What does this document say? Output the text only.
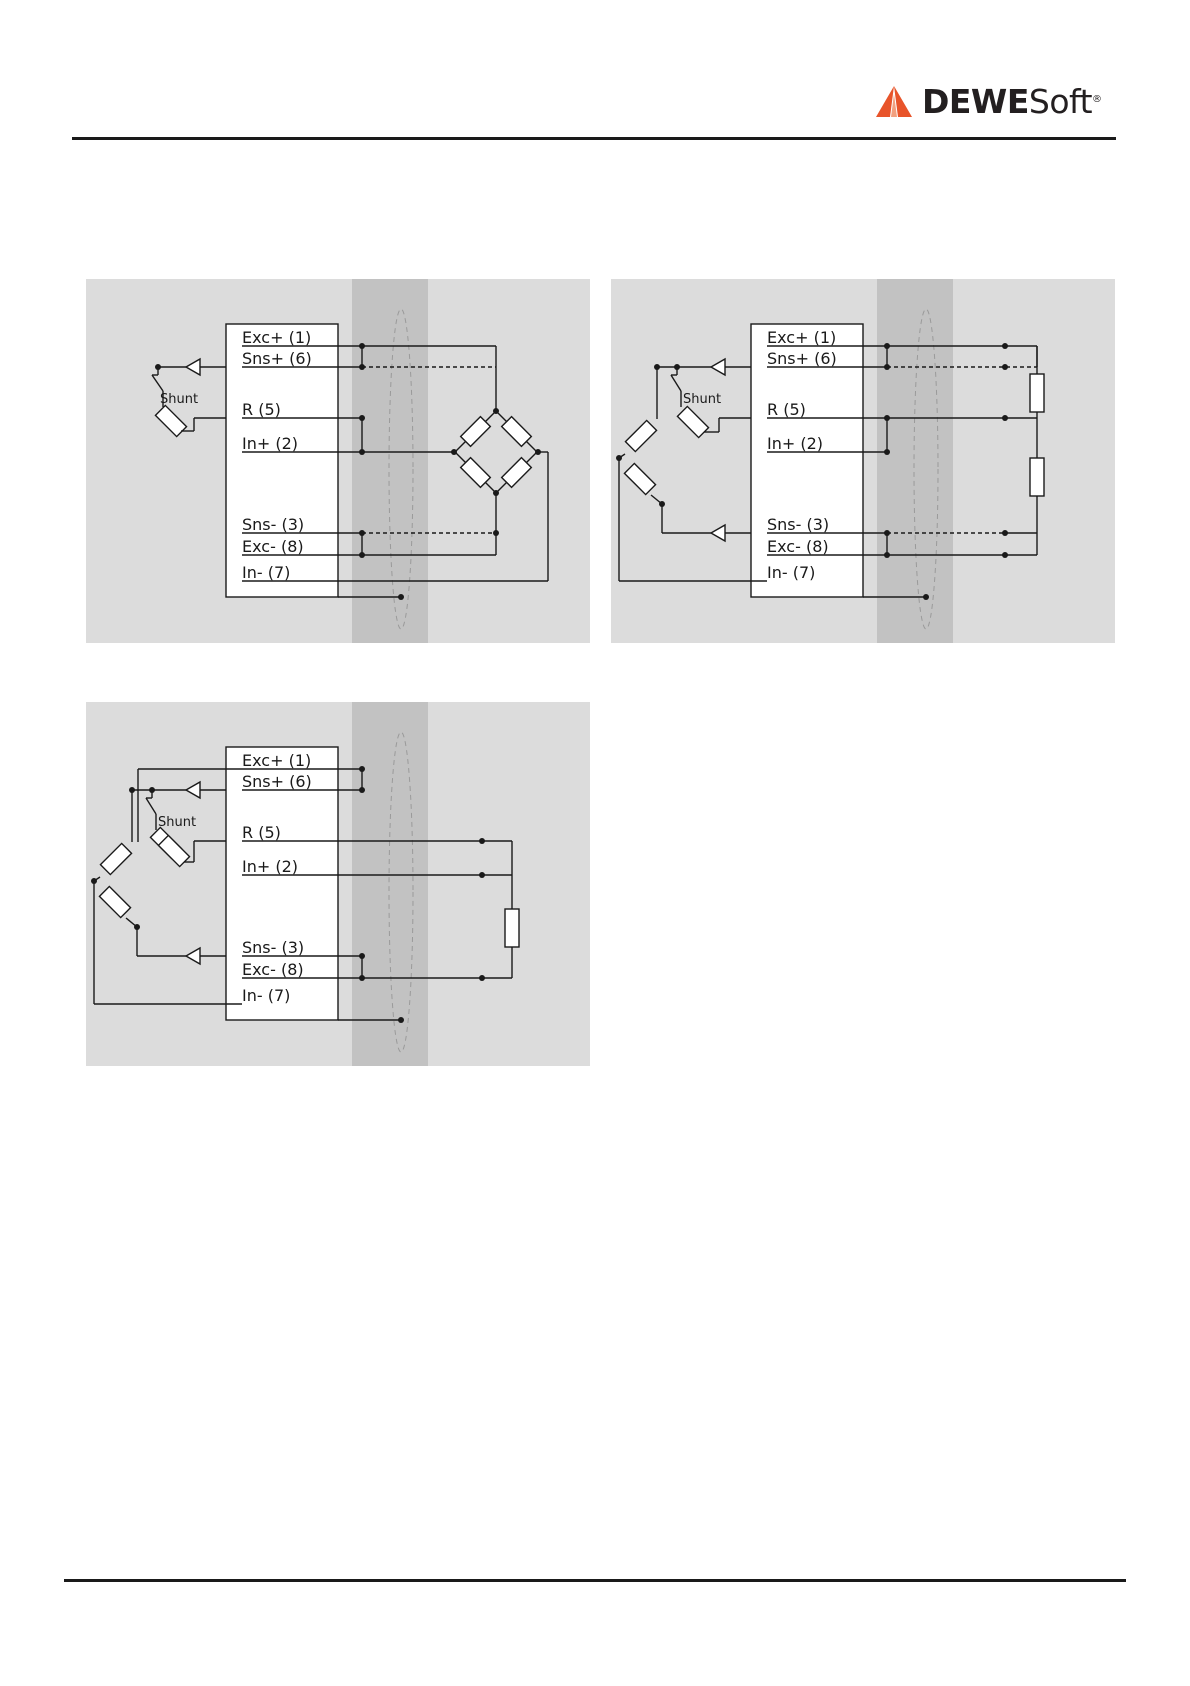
DEWESoft®
Exc+ (1)
Sns+ (6)
R (5)
In+ (2)
Sns- (3)
Exc- (8)
In- (7)
Shunt
Exc+ (1)
Sns+ (6)
R (5)
In+ (2)
Sns- (3)
Exc- (8)
In- (7)
Shunt
Exc+ (1)
Sns+ (6)
R (5)
In+ (2)
Sns- (3)
Exc- (8)
In- (7)
Shunt
